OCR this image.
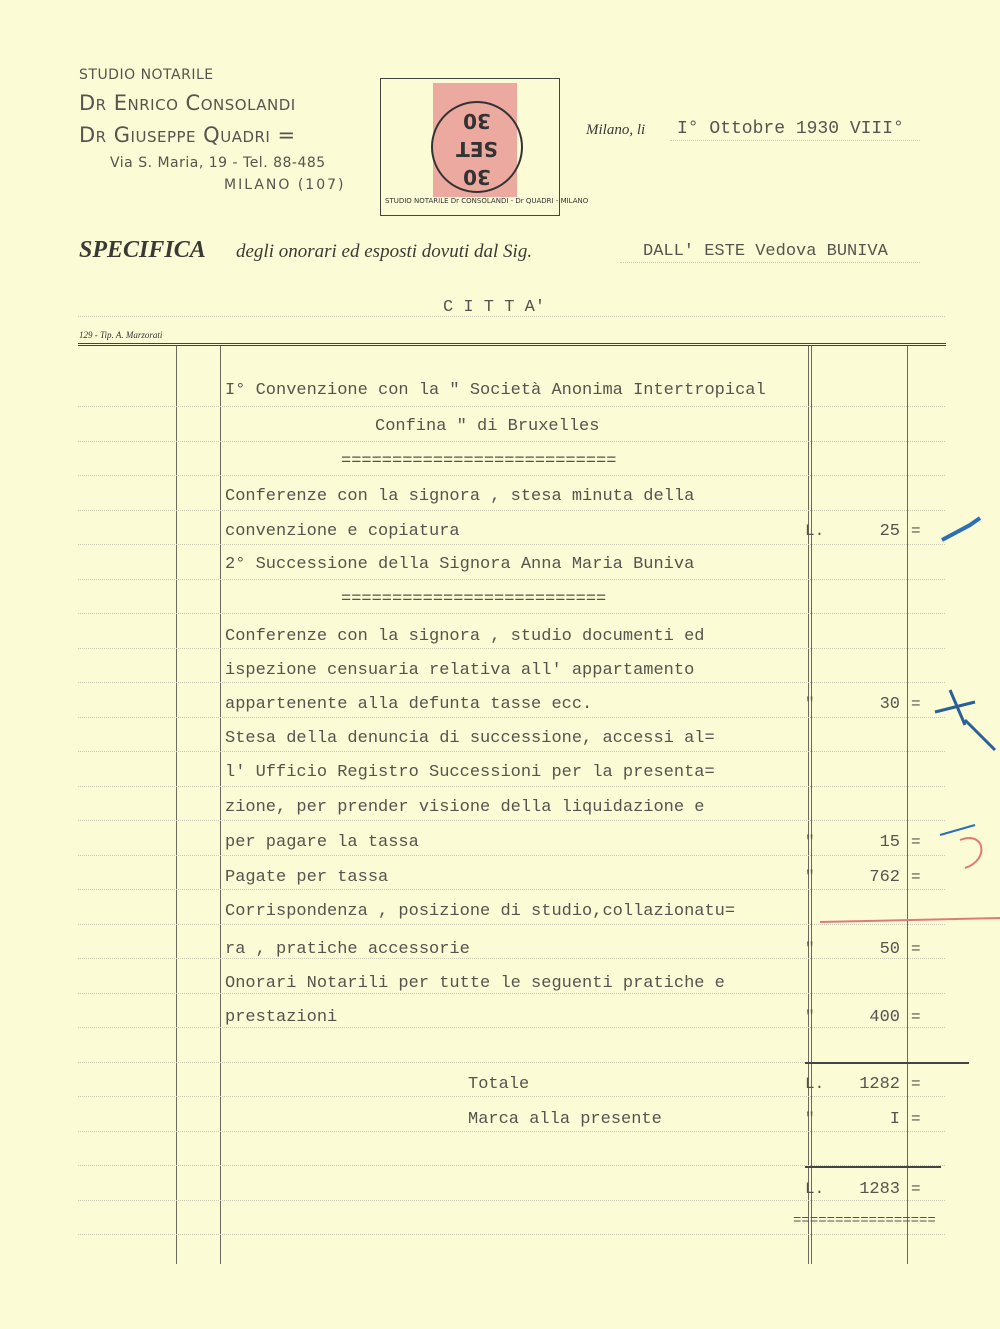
STUDIO NOTARILE
Dr Enrico Consolandi
Dr Giuseppe Quadri =
Via S. Maria, 19 - Tel. 88-485
MILANO (107)	30
SET
30
STUDIO NOTARILE Dr CONSOLANDI - Dr QUADRI - MILANO
Milano, li I° Ottobre 1930 VIII°
SPECIFICA degli onorari ed esposti dovuti dal Sig.	DALL' ESTE Vedova BUNIVA
C I T T A'
129 - Tip. A. Marzorati
I° Convenzione con la " Società Anonima Intertropical
Confina " di Bruxelles
===========================
Conferenze con la signora , stesa minuta della
convenzione e copiatura	L.	25 =
2° Successione della Signora Anna Maria Buniva
==========================
Conferenze con la signora , studio documenti ed
ispezione censuaria relativa all' appartamento
appartenente alla defunta tasse ecc.	"	30 =
Stesa della denuncia di successione, accessi al=
l' Ufficio Registro Successioni per la presenta=
zione, per prender visione della liquidazione e
per pagare la tassa	"	15 =
Pagate per tassa	"	762 =
Corrispondenza , posizione di studio,collazionatu=
ra , pratiche accessorie	"	50 =
Onorari Notarili per tutte le seguenti pratiche e
prestazioni	"	400 =
Totale	L.	1282 =
Marca alla presente	"	I =
L.	1283 =
=================
